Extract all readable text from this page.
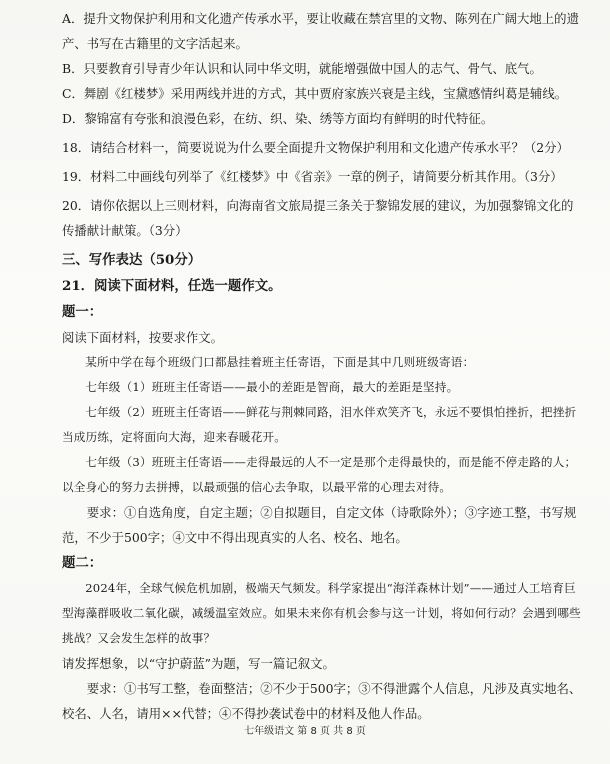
A．提升文物保护利用和文化遗产传承水平，要让收藏在禁宫里的文物、陈列在广阔大地上的遗产、书写在古籍里的文字活起来。

B．只要教育引导青少年认识和认同中华文明，就能增强做中国人的志气、骨气、底气。

C．舞剧《红楼梦》采用两线并进的方式，其中贾府家族兴衰是主线，宝黛感情纠葛是辅线。

D．黎锦富有夸张和浪漫色彩，在纺、织、染、绣等方面均有鲜明的时代特征。

18．请结合材料一，简要说说为什么要全面提升文物保护利用和文化遗产传承水平？（2分）

19．材料二中画线句列举了《红楼梦》中《省亲》一章的例子，请简要分析其作用。（3分）

20．请你依据以上三则材料，向海南省文旅局提三条关于黎锦发展的建议，为加强黎锦文化的传播献计献策。（3分）

三、写作表达（50分）

21．阅读下面材料，任选一题作文。

题一：

阅读下面材料，按要求作文。

某所中学在每个班级门口都悬挂着班主任寄语，下面是其中几则班级寄语：

七年级（1）班班主任寄语——最小的差距是智商，最大的差距是坚持。

七年级（2）班班主任寄语——鲜花与荆棘同路，泪水伴欢笑齐飞，永远不要惧怕挫折，把挫折当成历练，定将面向大海，迎来春暖花开。

七年级（3）班班主任寄语——走得最远的人不一定是那个走得最快的，而是能不停走路的人；以全身心的努力去拼搏，以最顽强的信心去争取，以最平常的心理去对待。

要求：①自选角度，自定主题；②自拟题目，自定文体（诗歌除外）；③字迹工整，书写规范，不少于500字；④文中不得出现真实的人名、校名、地名。

题二：

2024年，全球气候危机加剧，极端天气频发。科学家提出“海洋森林计划”——通过人工培育巨型海藻群吸收二氧化碳，减缓温室效应。如果未来你有机会参与这一计划，将如何行动？会遇到哪些挑战？又会发生怎样的故事？

请发挥想象，以“守护蔚蓝”为题，写一篇记叙文。

要求：①书写工整，卷面整洁；②不少于500字；③不得泄露个人信息，凡涉及真实地名、校名、人名，请用××代替；④不得抄袭试卷中的材料及他人作品。

七年级语文 第 8 页 共 8 页
